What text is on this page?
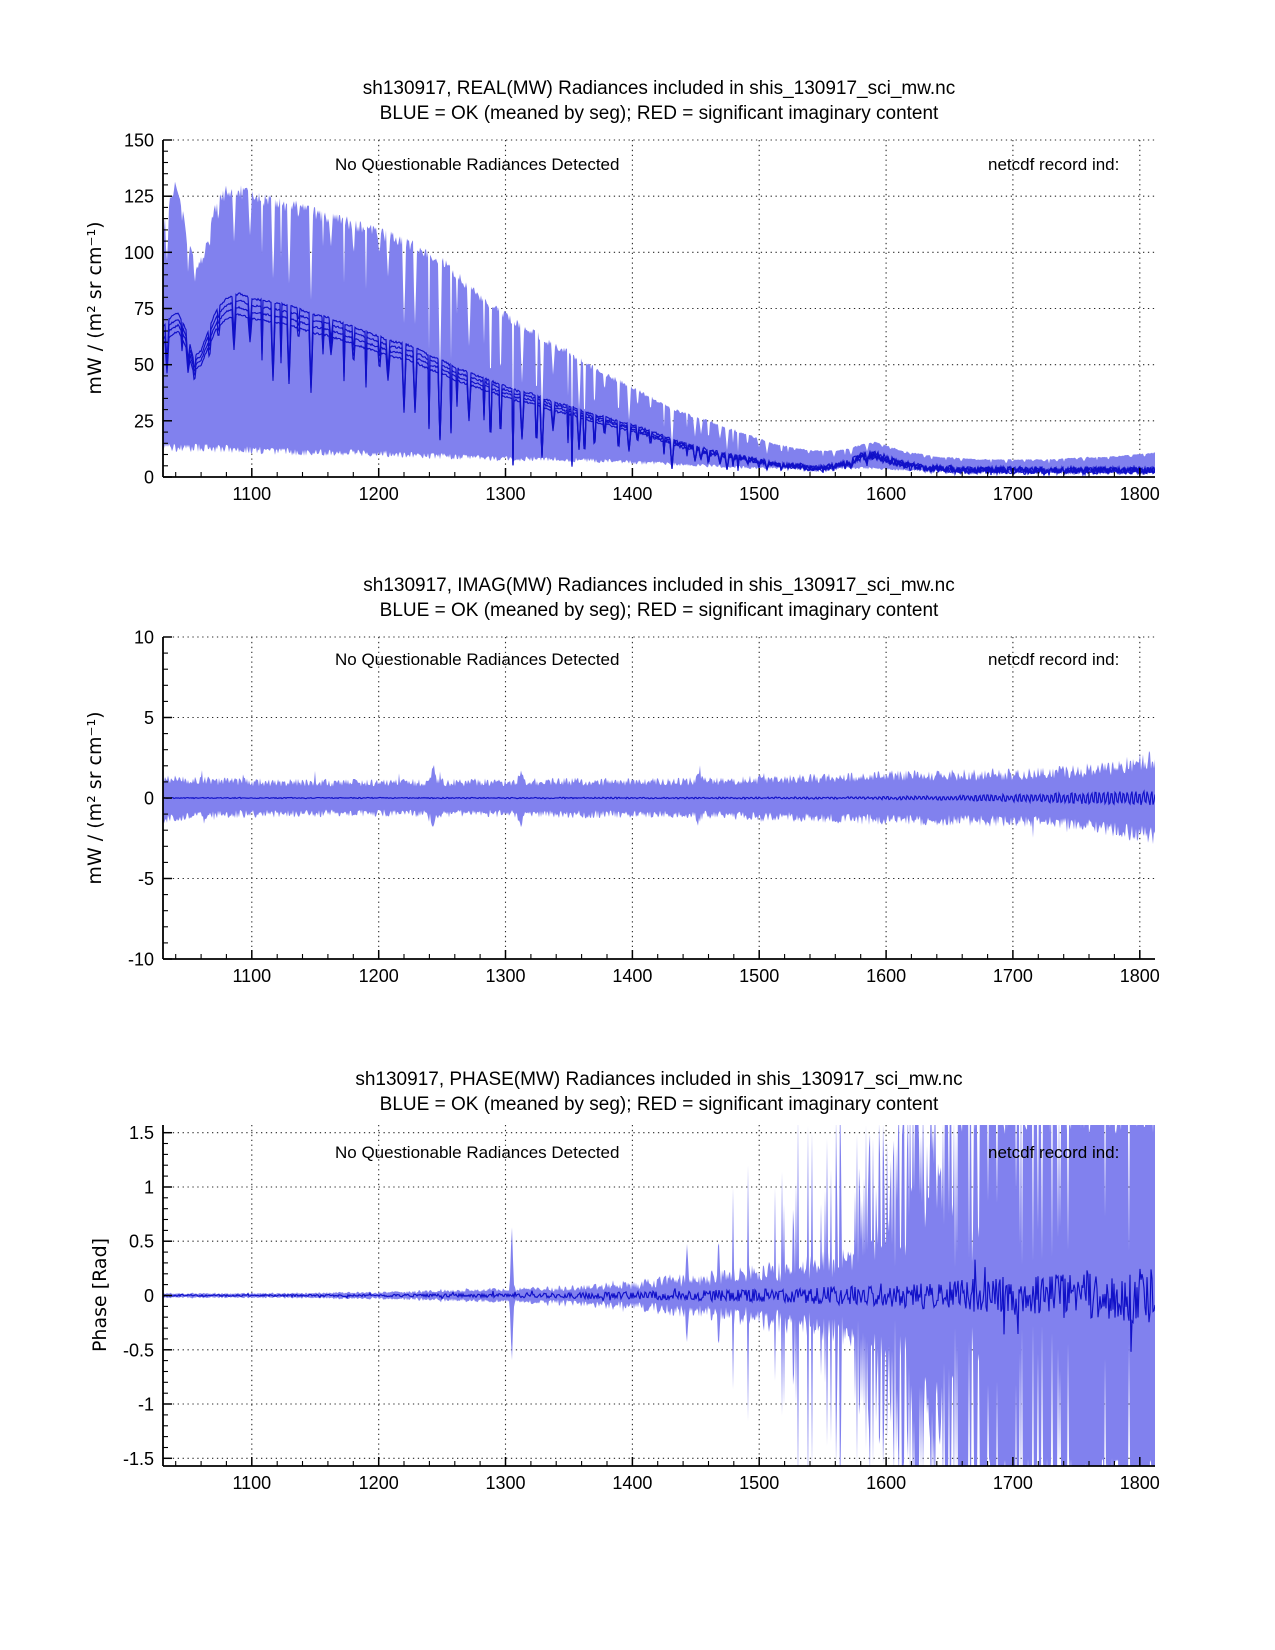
1100	1200	1300	1400	1500	1600	1700	1800
0
25
50
75
100
125
150
1100	1200	1300	1400	1500	1600	1700	1800
-10
-5
0
5
10
1100	1200	1300	1400	1500	1600	1700	1800
-1.5
-1
-0.5
0
0.5
1
1.5
sh130917, REAL(MW) Radiances included in shis_130917_sci_mw.nc
BLUE = OK (meaned by seg); RED = significant imaginary content
mW / (m² sr cm⁻¹)
No Questionable Radiances Detected	netcdf record ind:
sh130917, IMAG(MW) Radiances included in shis_130917_sci_mw.nc
BLUE = OK (meaned by seg); RED = significant imaginary content
mW / (m² sr cm⁻¹)
No Questionable Radiances Detected	netcdf record ind:
sh130917, PHASE(MW) Radiances included in shis_130917_sci_mw.nc
BLUE = OK (meaned by seg); RED = significant imaginary content
Phase [Rad]
No Questionable Radiances Detected	netcdf record ind:
